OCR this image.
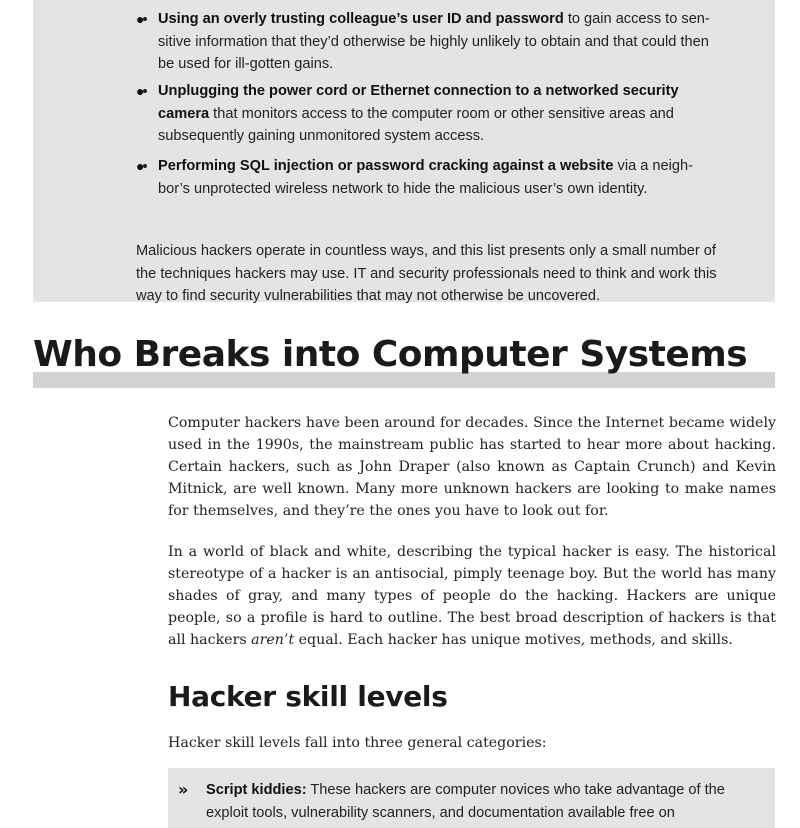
• ● Using an overly trusting colleague’s user ID and password to gain access to sen- sitive information that they’d otherwise be highly unlikely to obtain and that could then be used for ill-gotten gains.
• ● Unplugging the power cord or Ethernet connection to a networked security camera that monitors access to the computer room or other sensitive areas and subsequently gaining unmonitored system access.
• ● Performing SQL injection or password cracking against a website via a neigh- bor’s unprotected wireless network to hide the malicious user’s own identity.

Malicious hackers operate in countless ways, and this list presents only a small number of the techniques hackers may use. IT and security professionals need to think and work this way to find security vulnerabilities that may not otherwise be uncovered.

Who Breaks into Computer Systems

Computer hackers have been around for decades. Since the Internet became widely used in the 1990s, the mainstream public has started to hear more about hacking. Certain hackers, such as John Draper (also known as Captain Crunch) and Kevin Mitnick, are well known. Many more unknown hackers are looking to make names for themselves, and they’re the ones you have to look out for.

In a world of black and white, describing the typical hacker is easy. The historical stereotype of a hacker is an antisocial, pimply teenage boy. But the world has many shades of gray, and many types of people do the hacking. Hackers are unique people, so a profile is hard to outline. The best broad description of hackers is that all hackers aren’t equal. Each hacker has unique motives, methods, and skills.

Hacker skill levels

Hacker skill levels fall into three general categories:

» Script kiddies: These hackers are computer novices who take advantage of the exploit tools, vulnerability scanners, and documentation available free on
